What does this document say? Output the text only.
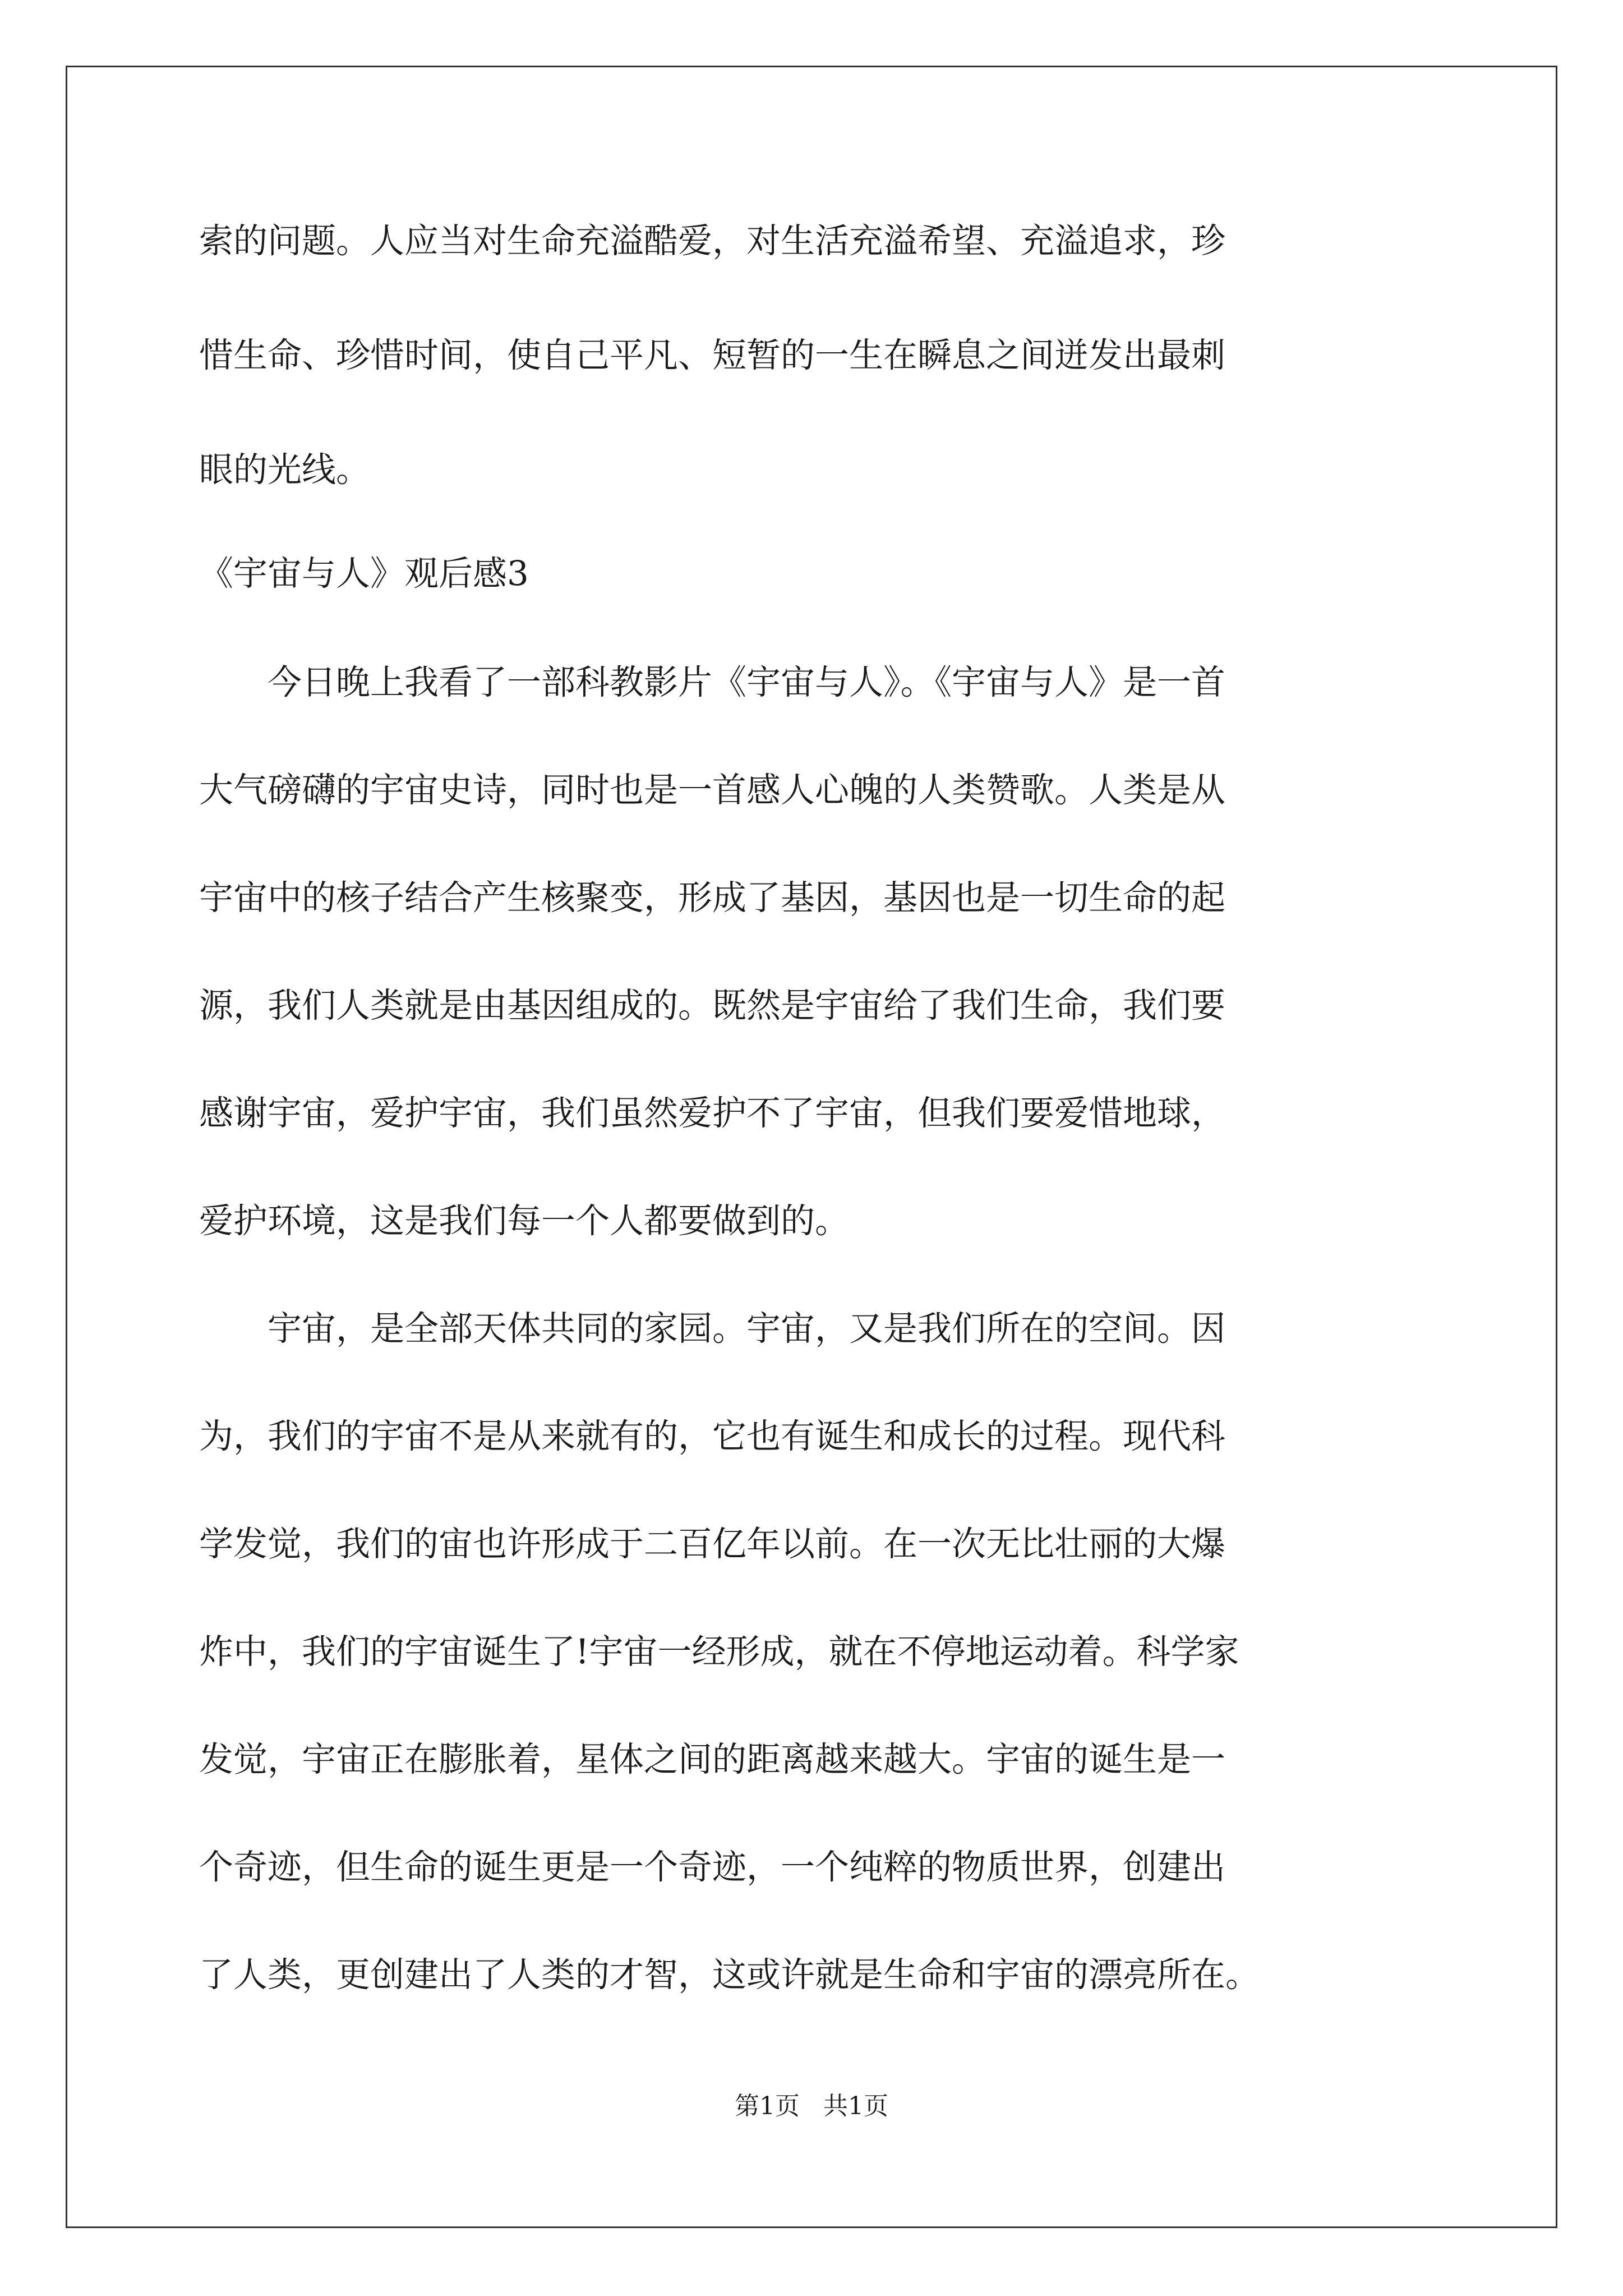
索的问题。人应当对生命充溢酷爱，对生活充溢希望、充溢追求，珍
惜生命、珍惜时间，使自己平凡、短暂的一生在瞬息之间迸发出最刺
眼的光线。
《宇宙与人》观后感3
　　今日晚上我看了一部科教影片《宇宙与人》。《宇宙与人》是一首
大气磅礴的宇宙史诗，同时也是一首感人心魄的人类赞歌。人类是从
宇宙中的核子结合产生核聚变，形成了基因，基因也是一切生命的起
源，我们人类就是由基因组成的。既然是宇宙给了我们生命，我们要
感谢宇宙，爱护宇宙，我们虽然爱护不了宇宙，但我们要爱惜地球，
爱护环境，这是我们每一个人都要做到的。
　　宇宙，是全部天体共同的家园。宇宙，又是我们所在的空间。因
为，我们的宇宙不是从来就有的，它也有诞生和成长的过程。现代科
学发觉，我们的宙也许形成于二百亿年以前。在一次无比壮丽的大爆
炸中，我们的宇宙诞生了!宇宙一经形成，就在不停地运动着。科学家
发觉，宇宙正在膨胀着，星体之间的距离越来越大。宇宙的诞生是一
个奇迹，但生命的诞生更是一个奇迹，一个纯粹的物质世界，创建出
了人类，更创建出了人类的才智，这或许就是生命和宇宙的漂亮所在。
第1页   共1页
